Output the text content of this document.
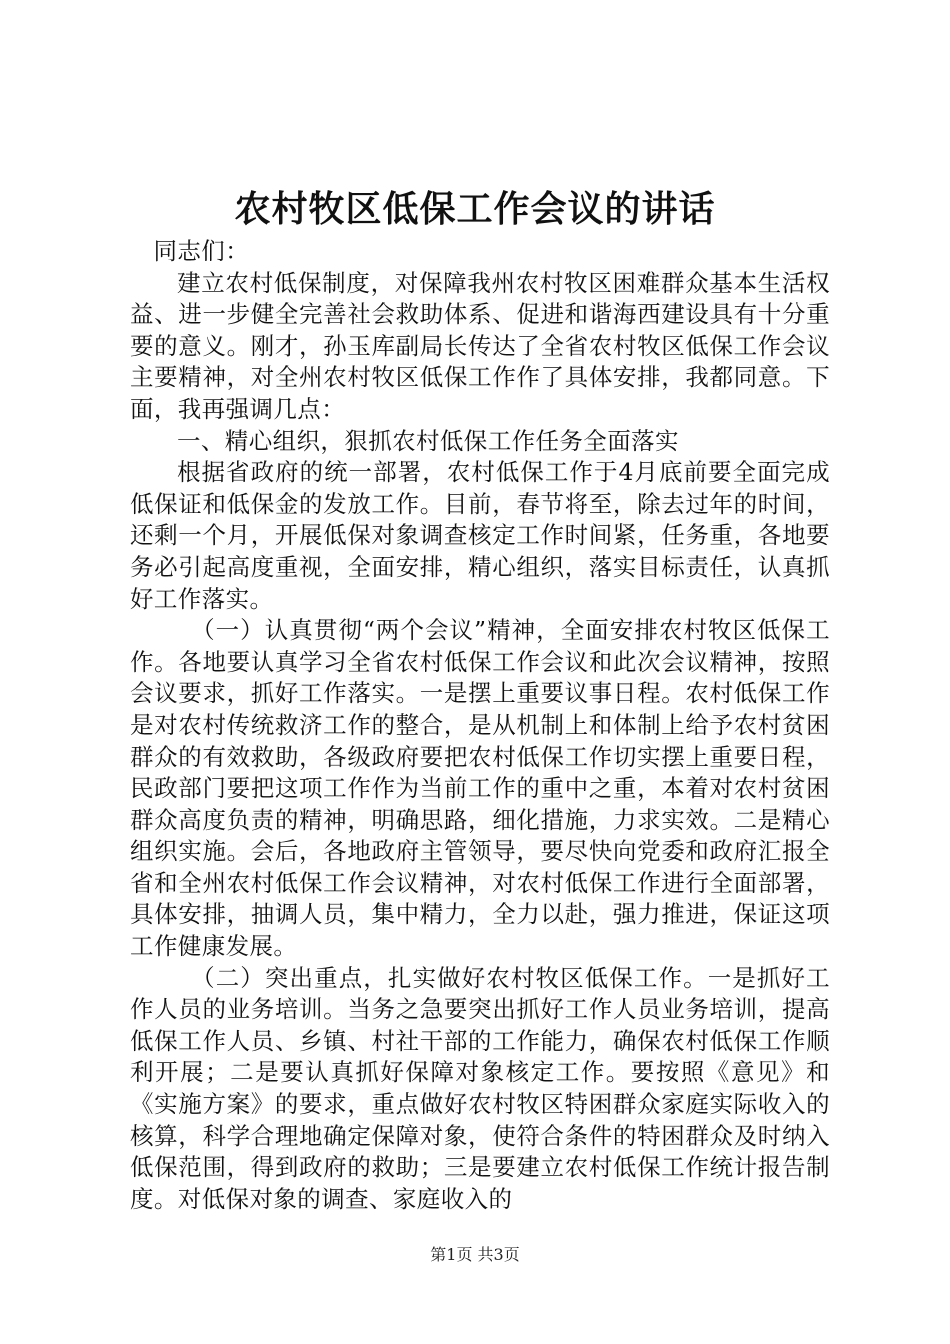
农村牧区低保工作会议的讲话

同志们：

建立农村低保制度，对保障我州农村牧区困难群众基本生活权益、进一步健全完善社会救助体系、促进和谐海西建设具有十分重要的意义。刚才，孙玉库副局长传达了全省农村牧区低保工作会议主要精神，对全州农村牧区低保工作作了具体安排，我都同意。下面，我再强调几点：

一、精心组织，狠抓农村低保工作任务全面落实

根据省政府的统一部署，农村低保工作于4月底前要全面完成低保证和低保金的发放工作。目前，春节将至，除去过年的时间，还剩一个月，开展低保对象调查核定工作时间紧，任务重，各地要务必引起高度重视，全面安排，精心组织，落实目标责任，认真抓好工作落实。

（一）认真贯彻“两个会议”精神，全面安排农村牧区低保工作。各地要认真学习全省农村低保工作会议和此次会议精神，按照会议要求，抓好工作落实。一是摆上重要议事日程。农村低保工作是对农村传统救济工作的整合，是从机制上和体制上给予农村贫困群众的有效救助，各级政府要把农村低保工作切实摆上重要日程，民政部门要把这项工作作为当前工作的重中之重，本着对农村贫困群众高度负责的精神，明确思路，细化措施，力求实效。二是精心组织实施。会后，各地政府主管领导，要尽快向党委和政府汇报全省和全州农村低保工作会议精神，对农村低保工作进行全面部署，具体安排，抽调人员，集中精力，全力以赴，强力推进，保证这项工作健康发展。

（二）突出重点，扎实做好农村牧区低保工作。一是抓好工作人员的业务培训。当务之急要突出抓好工作人员业务培训，提高低保工作人员、乡镇、村社干部的工作能力，确保农村低保工作顺利开展；二是要认真抓好保障对象核定工作。要按照《意见》和《实施方案》的要求，重点做好农村牧区特困群众家庭实际收入的核算，科学合理地确定保障对象，使符合条件的特困群众及时纳入低保范围，得到政府的救助；三是要建立农村低保工作统计报告制度。对低保对象的调查、家庭收入的

第1页 共3页
